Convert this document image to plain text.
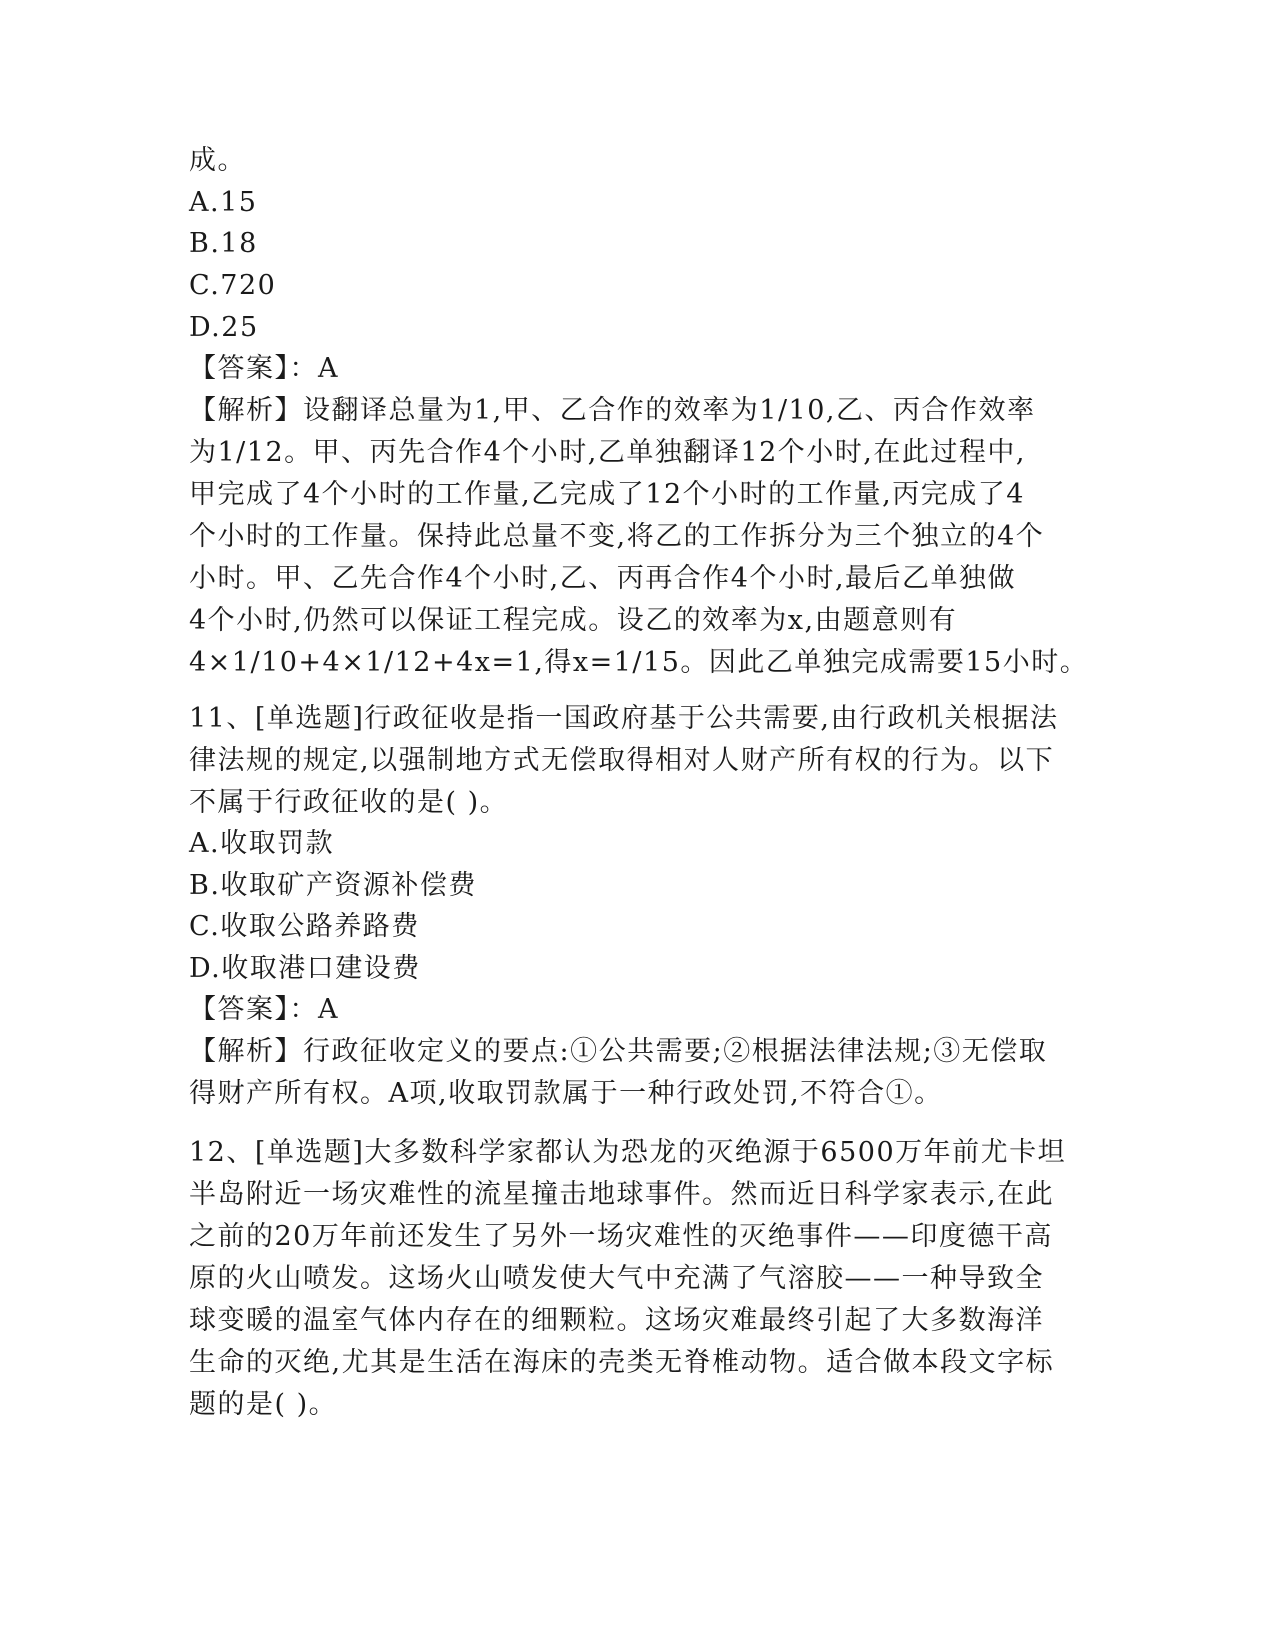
成。
A.15
B.18
C.720
D.25
【答案】：A
【解析】设翻译总量为1,甲、乙合作的效率为1/10,乙、丙合作效率
为1/12。甲、丙先合作4个小时,乙单独翻译12个小时,在此过程中,
甲完成了4个小时的工作量,乙完成了12个小时的工作量,丙完成了4
个小时的工作量。保持此总量不变,将乙的工作拆分为三个独立的4个
小时。甲、乙先合作4个小时,乙、丙再合作4个小时,最后乙单独做
4个小时,仍然可以保证工程完成。设乙的效率为x,由题意则有
4×1/10+4×1/12+4x=1,得x=1/15。因此乙单独完成需要15小时。
11、[单选题]行政征收是指一国政府基于公共需要,由行政机关根据法
律法规的规定,以强制地方式无偿取得相对人财产所有权的行为。以下
不属于行政征收的是( )。
A.收取罚款
B.收取矿产资源补偿费
C.收取公路养路费
D.收取港口建设费
【答案】：A
【解析】行政征收定义的要点:①公共需要;②根据法律法规;③无偿取
得财产所有权。A项,收取罚款属于一种行政处罚,不符合①。
12、[单选题]大多数科学家都认为恐龙的灭绝源于6500万年前尤卡坦
半岛附近一场灾难性的流星撞击地球事件。然而近日科学家表示,在此
之前的20万年前还发生了另外一场灾难性的灭绝事件——印度德干高
原的火山喷发。这场火山喷发使大气中充满了气溶胶——一种导致全
球变暖的温室气体内存在的细颗粒。这场灾难最终引起了大多数海洋
生命的灭绝,尤其是生活在海床的壳类无脊椎动物。适合做本段文字标
题的是( )。
